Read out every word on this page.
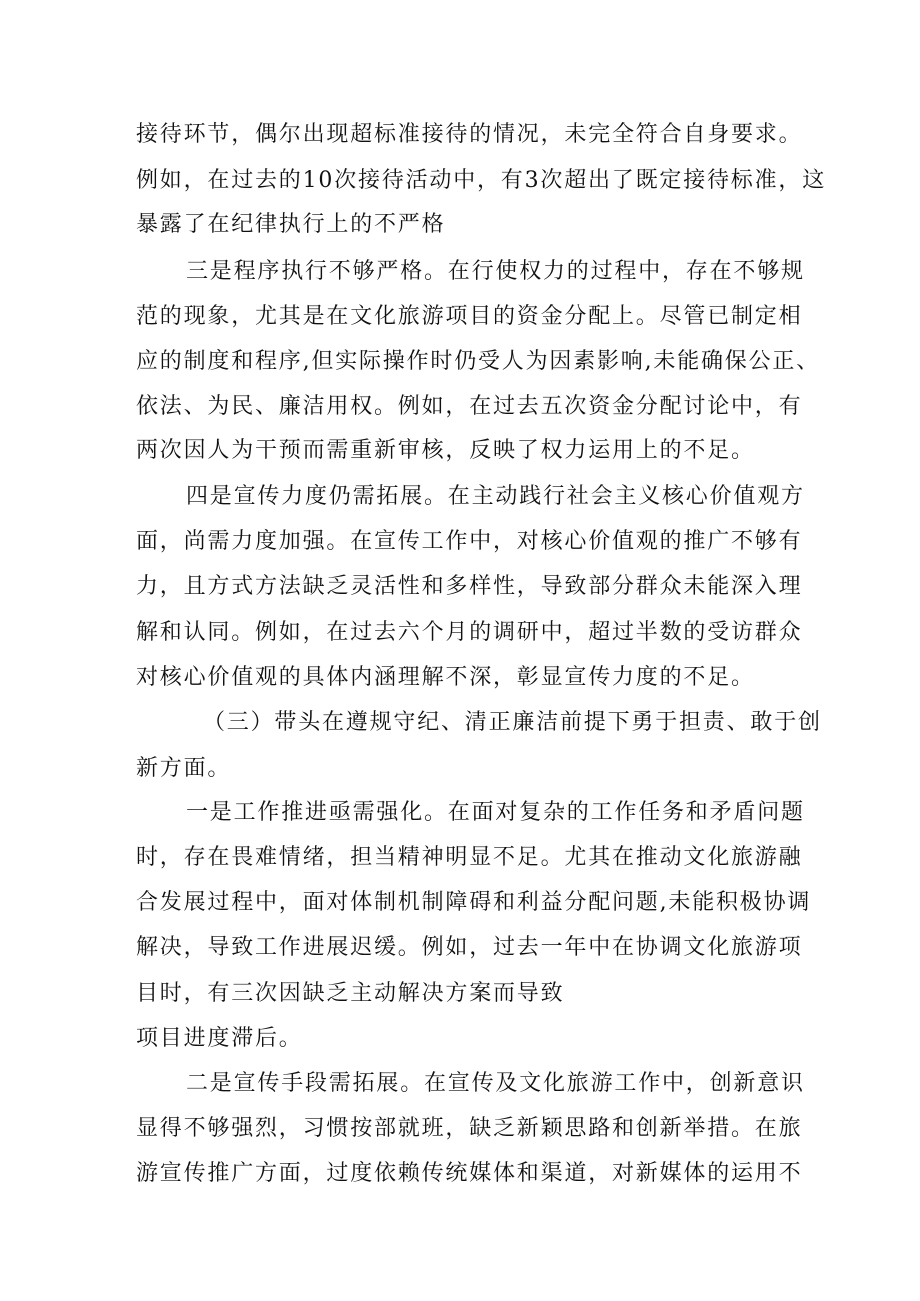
接待环节，偶尔出现超标准接待的情况，未完全符合自身要求。
例如，在过去的10次接待活动中，有3次超出了既定接待标准，这
暴露了在纪律执行上的不严格
三是程序执行不够严格。在行使权力的过程中，存在不够规
范的现象，尤其是在文化旅游项目的资金分配上。尽管已制定相
应的制度和程序,但实际操作时仍受人为因素影响,未能确保公正、
依法、为民、廉洁用权。例如，在过去五次资金分配讨论中，有
两次因人为干预而需重新审核，反映了权力运用上的不足。
四是宣传力度仍需拓展。在主动践行社会主义核心价值观方
面，尚需力度加强。在宣传工作中，对核心价值观的推广不够有
力，且方式方法缺乏灵活性和多样性，导致部分群众未能深入理
解和认同。例如，在过去六个月的调研中，超过半数的受访群众
对核心价值观的具体内涵理解不深，彰显宣传力度的不足。
（三）带头在遵规守纪、清正廉洁前提下勇于担责、敢于创
新方面。
一是工作推进亟需强化。在面对复杂的工作任务和矛盾问题
时，存在畏难情绪，担当精神明显不足。尤其在推动文化旅游融
合发展过程中，面对体制机制障碍和利益分配问题,未能积极协调
解决，导致工作进展迟缓。例如，过去一年中在协调文化旅游项
目时，有三次因缺乏主动解决方案而导致
项目进度滞后。
二是宣传手段需拓展。在宣传及文化旅游工作中，创新意识
显得不够强烈，习惯按部就班，缺乏新颖思路和创新举措。在旅
游宣传推广方面，过度依赖传统媒体和渠道，对新媒体的运用不
